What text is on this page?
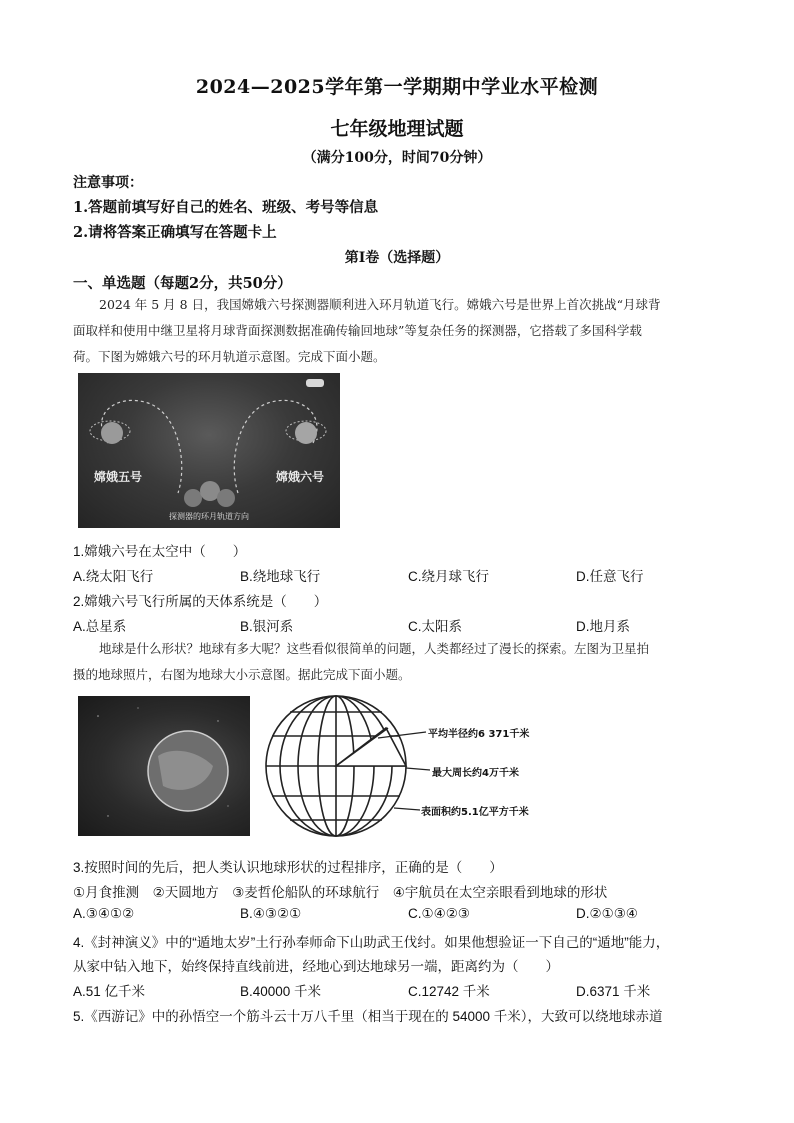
2024—2025学年第一学期期中学业水平检测
七年级地理试题
（满分100分，时间70分钟）
注意事项：
1.答题前填写好自己的姓名、班级、考号等信息
2.请将答案正确填写在答题卡上
第Ⅰ卷（选择题）
一、单选题（每题2分，共50分）
2024 年 5 月 8 日，我国嫦娥六号探测器顺利进入环月轨道飞行。嫦娥六号是世界上首次挑战“月球背
面取样和使用中继卫星将月球背面探测数据准确传输回地球”等复杂任务的探测器，它搭载了多国科学载
荷。下图为嫦娥六号的环月轨道示意图。完成下面小题。
嫦娥五号	嫦娥六号
探测器的环月轨道方向
1.嫦娥六号在太空中（　　）
A.绕太阳飞行	B.绕地球飞行	C.绕月球飞行	D.任意飞行
2.嫦娥六号飞行所属的天体系统是（　　）
A.总星系	B.银河系	C.太阳系	D.地月系
地球是什么形状？地球有多大呢？这些看似很简单的问题，人类都经过了漫长的探索。左图为卫星拍
摄的地球照片，右图为地球大小示意图。据此完成下面小题。
平均半径约6 371千米
最大周长约4万千米
表面积约5.1亿平方千米
3.按照时间的先后，把人类认识地球形状的过程排序，正确的是（　　）
①月食推测　②天圆地方　③麦哲伦船队的环球航行　④宇航员在太空亲眼看到地球的形状
A.③④①②	B.④③②①	C.①④②③	D.②①③④
4.《封神演义》中的“遁地太岁”土行孙奉师命下山助武王伐纣。如果他想验证一下自己的“遁地”能力，
从家中钻入地下，始终保持直线前进，经地心到达地球另一端，距离约为（　　）
A.51 亿千米	B.40000 千米	C.12742 千米	D.6371 千米
5.《西游记》中的孙悟空一个筋斗云十万八千里（相当于现在的 54000 千米），大致可以绕地球赤道
